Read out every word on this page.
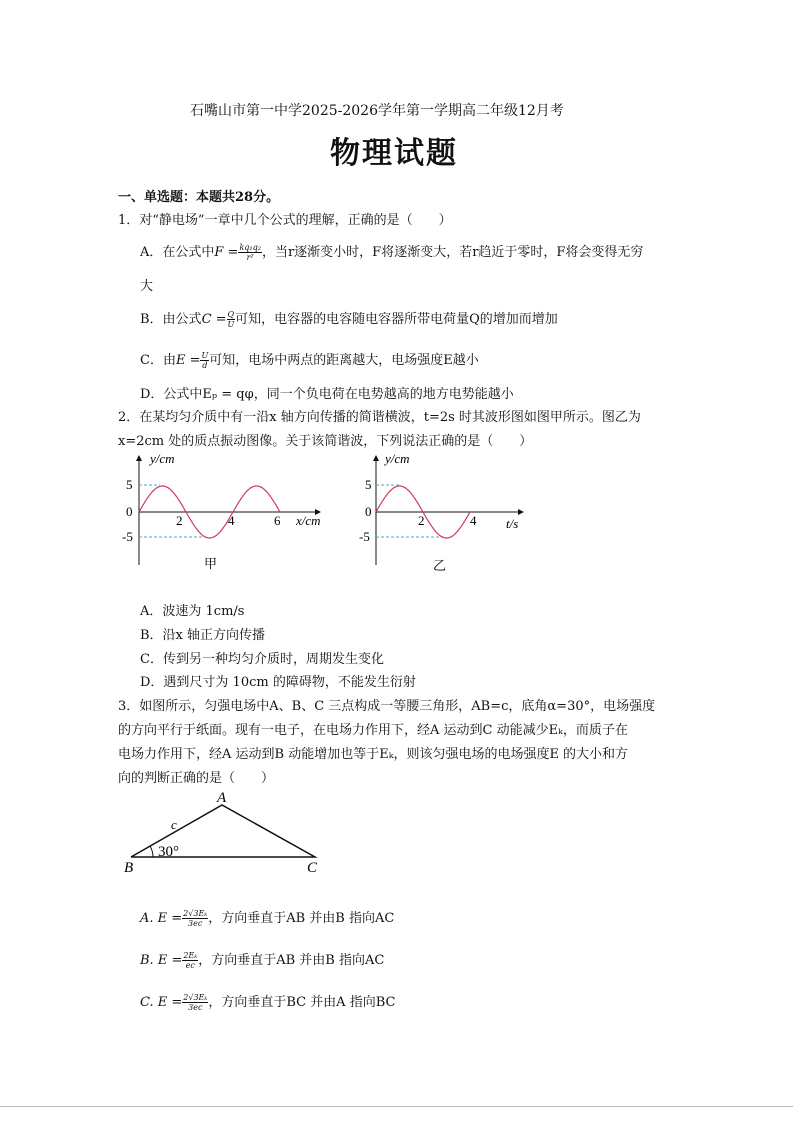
石嘴山市第一中学2025-2026学年第一学期高二年级12月考
物理试题
一、单选题：本题共28分。
1．对“静电场”一章中几个公式的理解，正确的是（　　）
A．在公式中$F = \frac{\text{kq₁q₂}}{\text{r²}}$ ，当r逐渐变小时，F将逐渐变大，若r趋近于零时，F将会变得无穷
大
B．由公式$C = \frac{Q}{U}$ 可知，电容器的电容随电容器所带电荷量Q的增加而增加
C．由$E = \frac{U}{d}$ 可知，电场中两点的距离越大，电场强度E越小
D．公式中Eₚ = qφ，同一个负电荷在电势越高的地方电势能越小
2．在某均匀介质中有一沿x 轴方向传播的简谐横波，t=2s 时其波形图如图甲所示。图乙为
x=2cm 处的质点振动图像。关于该简谐波，下列说法正确的是（　　）
y/cm
5
0
-5
2	4	6 x/cm
甲
y/cm
5
0
-5
2	4 t/s
乙
A．波速为 1cm/s
B．沿x 轴正方向传播
C．传到另一种均匀介质时，周期发生变化
D．遇到尺寸为 10cm 的障碍物，不能发生衍射
3．如图所示，匀强电场中A、B、C 三点构成一等腰三角形，AB=c，底角α=30°，电场强度
的方向平行于纸面。现有一电子，在电场力作用下，经A 运动到C 动能减少Eₖ，而质子在
电场力作用下，经A 运动到B 动能增加也等于Eₖ，则该匀强电场的电场强度E 的大小和方
向的判断正确的是（　　）
A
B	C
c
30°
A. $E = \frac{\text{2√3Eₖ}}{3ec}$ ，方向垂直于AB 并由B 指向AC
B. $E = \frac{\text{2Eₖ}}{ec}$ ，方向垂直于AB 并由B 指向AC
C. $E = \frac{\text{2√3Eₖ}}{3ec}$ ，方向垂直于BC 并由A 指向BC
